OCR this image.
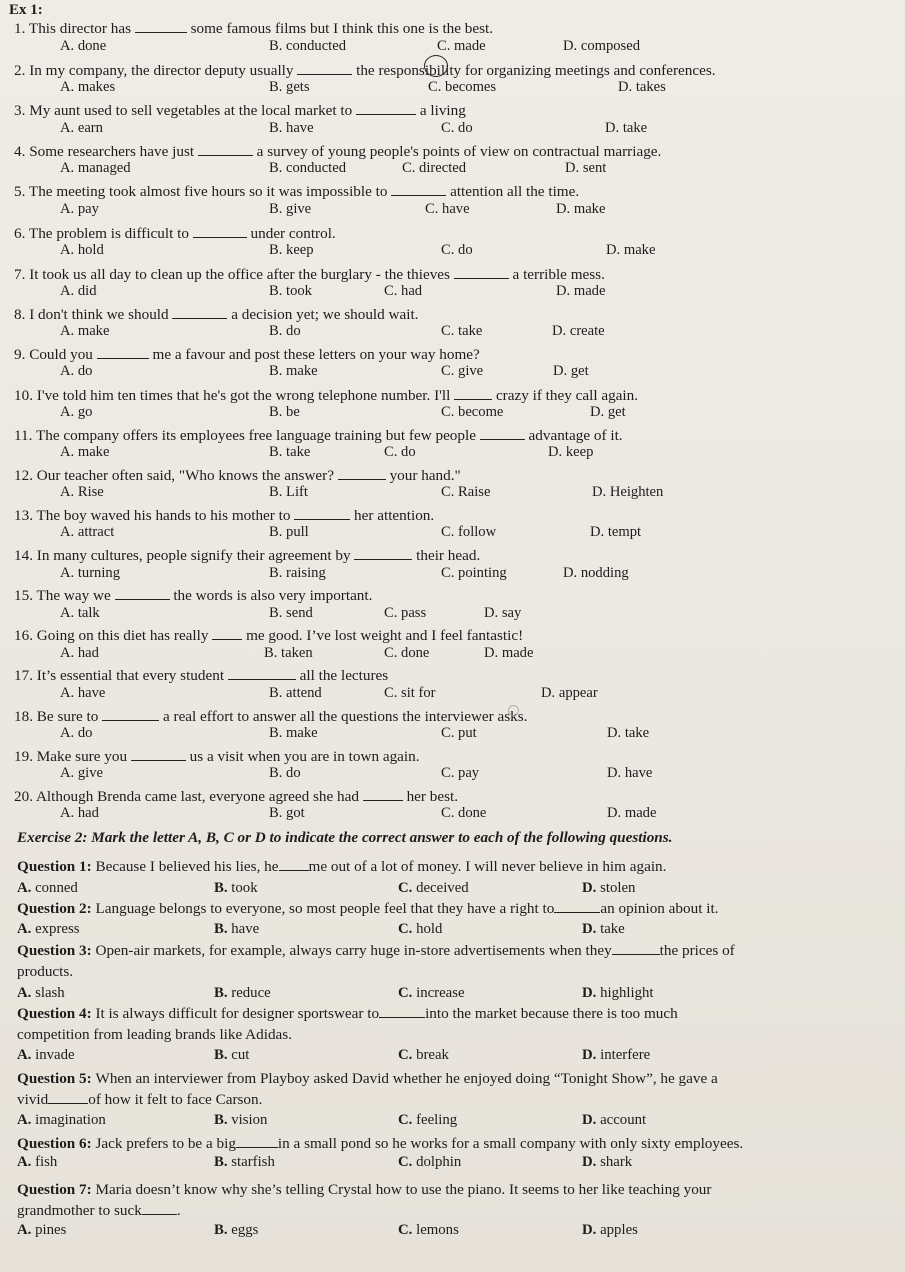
Ex 1:
1. This director has	some famous films but I think this one is the best.
A. done	B. conducted	C. made	D. composed
2. In my company, the director deputy usually	the responsibility for organizing meetings and conferences.
A. makes	B. gets	C. becomes	D. takes
3. My aunt used to sell vegetables at the local market to	a living
A. earn	B. have	C. do	D. take
4. Some researchers have just	a survey of young people's points of view on contractual marriage.
A. managed	B. conducted	C. directed	D. sent
5. The meeting took almost five hours so it was impossible to	attention all the time.
A. pay	B. give	C. have	D. make
6. The problem is difficult to	under control.
A. hold	B. keep	C. do	D. make
7. It took us all day to clean up the office after the burglary - the thieves	a terrible mess.
A. did	B. took	C. had	D. made
8. I don't think we should	a decision yet; we should wait.
A. make	B. do	C. take	D. create
9. Could you	me a favour and post these letters on your way home?
A. do	B. make	C. give	D. get
10. I've told him ten times that he's got the wrong telephone number. I'll	crazy if they call again.
A. go	B. be	C. become	D. get
11. The company offers its employees free language training but few people	advantage of it.
A. make	B. take	C. do	D. keep
12. Our teacher often said, "Who knows the answer?	your hand."
A. Rise	B. Lift	C. Raise	D. Heighten
13. The boy waved his hands to his mother to	her attention.
A. attract	B. pull	C. follow	D. tempt
14. In many cultures, people signify their agreement by	their head.
A. turning	B. raising	C. pointing	D. nodding
15. The way we	the words is also very important.
A. talk	B. send	C. pass	D. say
16. Going on this diet has really  me good. I’ve lost weight and I feel fantastic!
A. had	B. taken	C. done	D. made
17. It’s essential that every student	all the lectures
A. have	B. attend	C. sit for	D. appear
18. Be sure to	a real effort to answer all the questions the interviewer asks.
A. do	B. make	C. put	D. take
19. Make sure you	us a visit when you are in town again.
A. give	B. do	C. pay	D. have
20. Although Brenda came last, everyone agreed she had	her best.
A. had	B. got	C. done	D. made
Exercise 2: Mark the letter A, B, C or D to indicate the correct answer to each of the following questions.
Question 1: Because I believed his lies, he me out of a lot of money. I will never believe in him again.
A. conned	B. took	C. deceived	D. stolen
Question 2: Language belongs to everyone, so most people feel that they have a right to	an opinion about it.
A. express	B. have	C. hold	D. take
Question 3: Open-air markets, for example, always carry huge in-store advertisements when they	the prices of
products.
A. slash	B. reduce	C. increase	D. highlight
Question 4: It is always difficult for designer sportswear to	into the market because there is too much
competition from leading brands like Adidas.
A. invade	B. cut	C. break	D. interfere
Question 5: When an interviewer from Playboy asked David whether he enjoyed doing “Tonight Show”, he gave a
vivid	of how it felt to face Carson.
A. imagination	B. vision	C. feeling	D. account
Question 6: Jack prefers to be a big	in a small pond so he works for a small company with only sixty employees.
A. fish	B. starfish	C. dolphin	D. shark
Question 7: Maria doesn’t know why she’s telling Crystal how to use the piano. It seems to her like teaching your
grandmother to suck .
A. pines	B. eggs	C. lemons	D. apples
